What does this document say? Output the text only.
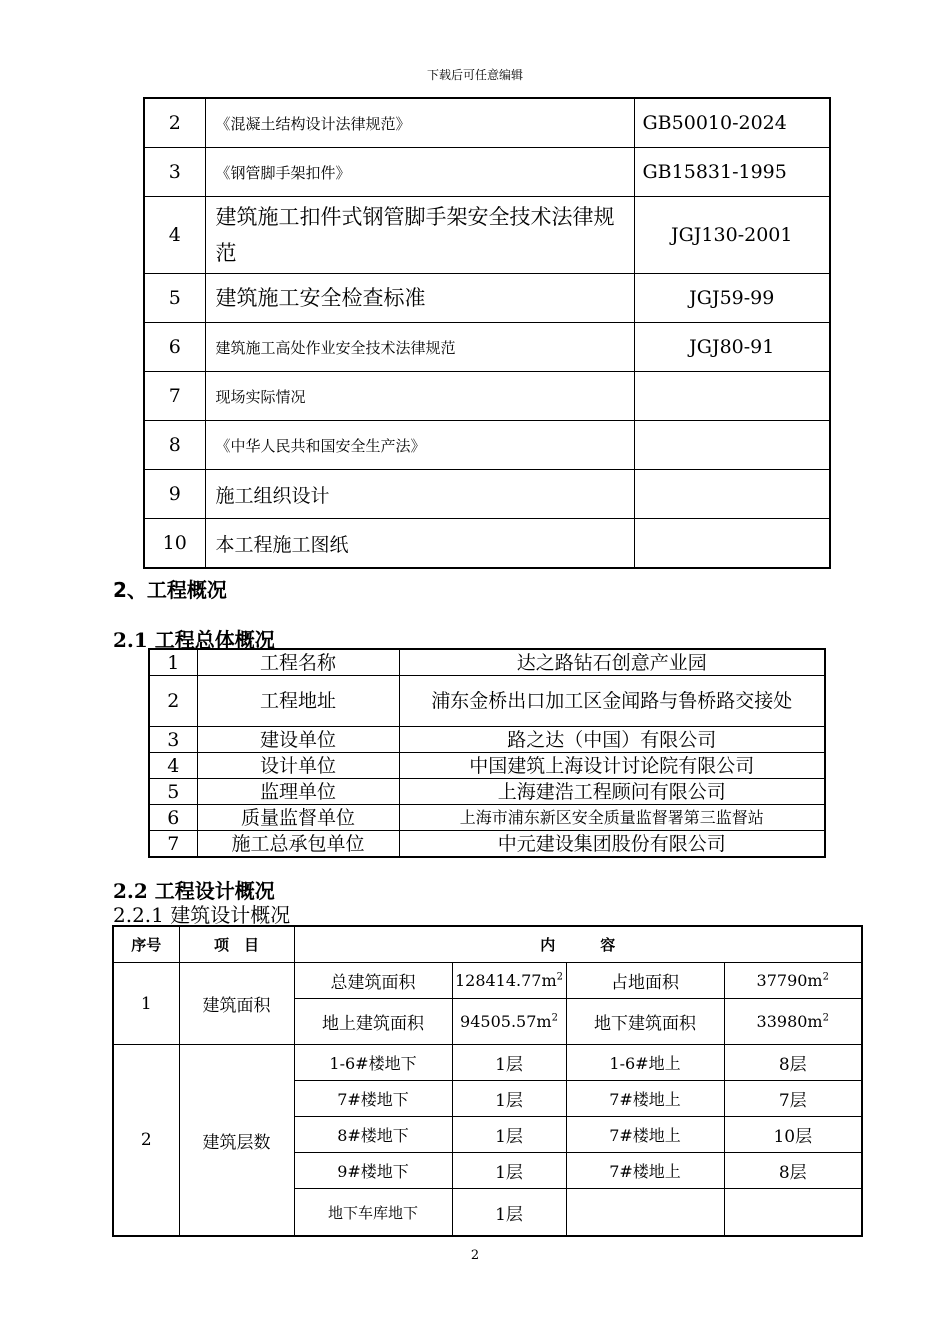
下载后可任意编辑
2	《混凝土结构设计法律规范》	GB50010-2024
3	《钢管脚手架扣件》	GB15831-1995
4	建筑施工扣件式钢管脚手架安全技术法律规范	JGJ130-2001
5	建筑施工安全检查标准	JGJ59-99
6	建筑施工高处作业安全技术法律规范	JGJ80-91
7	现场实际情况	
8	《中华人民共和国安全生产法》	
9	施工组织设计	
10	本工程施工图纸	
2、工程概况
2.1 工程总体概况
1	工程名称	达之路钻石创意产业园
2	工程地址	浦东金桥出口加工区金闻路与鲁桥路交接处
3	建设单位	路之达（中国）有限公司
4	设计单位	中国建筑上海设计讨论院有限公司
5	监理单位	上海建浩工程顾问有限公司
6	质量监督单位	上海市浦东新区安全质量监督署第三监督站
7	施工总承包单位	中元建设集团股份有限公司
2.2 工程设计概况
2.2.1 建筑设计概况
序号	项　目	内　　　容			
1	建筑面积	总建筑面积	$128414.77m^2$	占地面积	$37790m^2$
		地上建筑面积	$94505.57m^2$	地下建筑面积	$33980m^2$
2	建筑层数	1-6#楼地下	1层	1-6#地上	8层
		7#楼地下	1层	7#楼地上	7层
		8#楼地下	1层	7#楼地上	10层
		9#楼地下	1层	7#楼地上	8层
		地下车库地下	1层		
2
